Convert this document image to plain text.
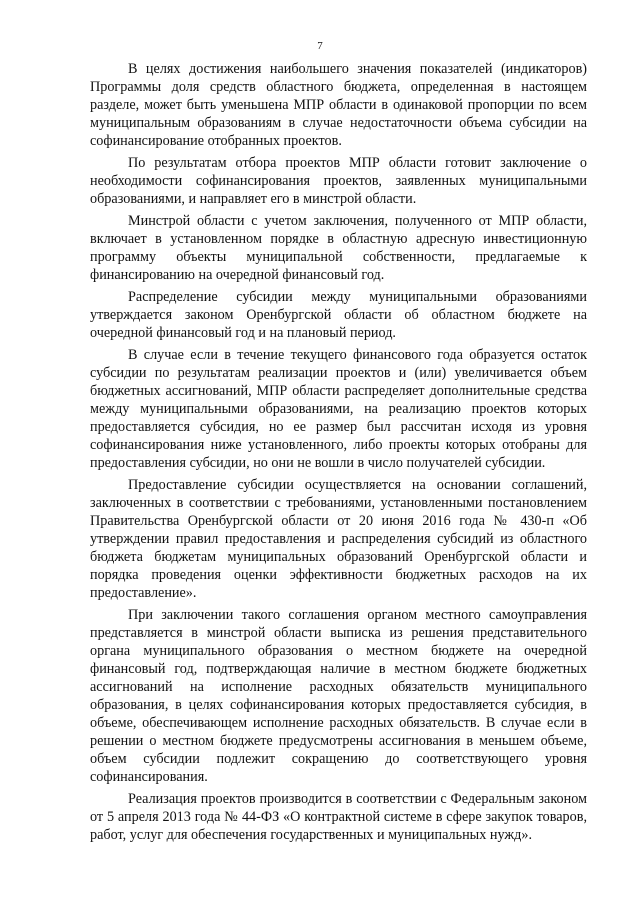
7

В целях достижения наибольшего значения показателей (индикаторов) Программы доля средств областного бюджета, определенная в настоящем разделе, может быть уменьшена МПР области в одинаковой пропорции по всем муниципальным образованиям в случае недостаточности объема субсидии на софинансирование отобранных проектов.

По результатам отбора проектов МПР области готовит заключение о необходимости софинансирования проектов, заявленных муниципальными образованиями, и направляет его в минстрой области.

Минстрой области с учетом заключения, полученного от МПР области, включает в установленном порядке в областную адресную инвестиционную программу объекты муниципальной собственности, предлагаемые к финансированию на очередной финансовый год.

Распределение субсидии между муниципальными образованиями утверждается законом Оренбургской области об областном бюджете на очередной финансовый год и на плановый период.

В случае если в течение текущего финансового года образуется остаток субсидии по результатам реализации проектов и (или) увеличивается объем бюджетных ассигнований, МПР области распределяет дополнительные средства между муниципальными образованиями, на реализацию проектов которых предоставляется субсидия, но ее размер был рассчитан исходя из уровня софинансирования ниже установленного, либо проекты которых отобраны для предоставления субсидии, но они не вошли в число получателей субсидии.

Предоставление субсидии осуществляется на основании соглашений, заключенных в соответствии с требованиями, установленными постановлением Правительства Оренбургской области от 20 июня 2016 года № 430-п «Об утверждении правил предоставления и распределения субсидий из областного бюджета бюджетам муниципальных образований Оренбургской области и порядка проведения оценки эффективности бюджетных расходов на их предоставление».

При заключении такого соглашения органом местного самоуправления представляется в минстрой области выписка из решения представительного органа муниципального образования о местном бюджете на очередной финансовый год, подтверждающая наличие в местном бюджете бюджетных ассигнований на исполнение расходных обязательств муниципального образования, в целях софинансирования которых предоставляется субсидия, в объеме, обеспечивающем исполнение расходных обязательств. В случае если в решении о местном бюджете предусмотрены ассигнования в меньшем объеме, объем субсидии подлежит сокращению до соответствующего уровня софинансирования.

Реализация проектов производится в соответствии с Федеральным законом от 5 апреля 2013 года № 44-ФЗ «О контрактной системе в сфере закупок товаров, работ, услуг для обеспечения государственных и муниципальных нужд».
